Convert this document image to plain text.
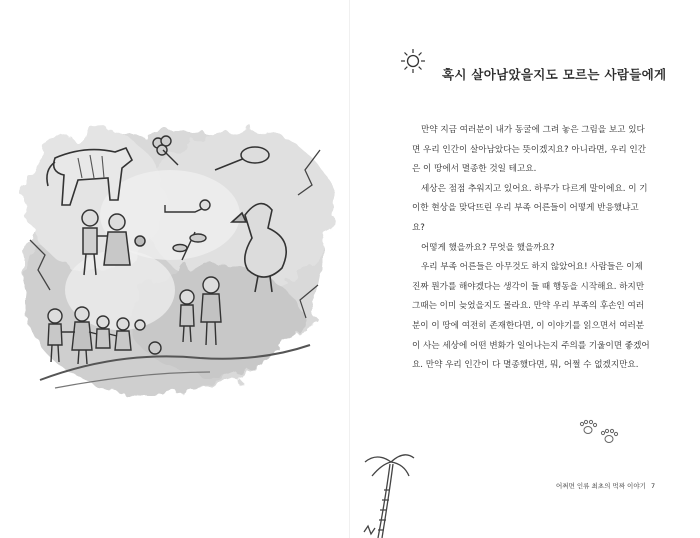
혹시 살아남았을지도 모르는 사람들에게

만약 지금 여러분이 내가 동굴에 그려 놓은 그림을 보고 있다면 우리 인간이 살아남았다는 뜻이겠지요? 아니라면, 우리 인간은 이 땅에서 멸종한 것일 테고요.

세상은 점점 추워지고 있어요. 하루가 다르게 말이에요. 이 기이한 현상을 맞닥뜨린 우리 부족 어른들이 어떻게 반응했냐고요?

어떻게 했을까요? 무엇을 했을까요?

우리 부족 어른들은 아무것도 하지 않았어요! 사람들은 이제 진짜 뭔가를 해야겠다는 생각이 들 때 행동을 시작해요. 하지만 그때는 이미 늦었을지도 몰라요. 만약 우리 부족의 후손인 여러분이 이 땅에 여전히 존재한다면, 이 이야기를 읽으면서 여러분이 사는 세상에 어떤 변화가 일어나는지 주의를 기울이면 좋겠어요. 만약 우리 인간이 다 멸종했다면, 뭐, 어쩔 수 없겠지만요.

어쩌면 인류 최초의 먹짜 이야기 7
